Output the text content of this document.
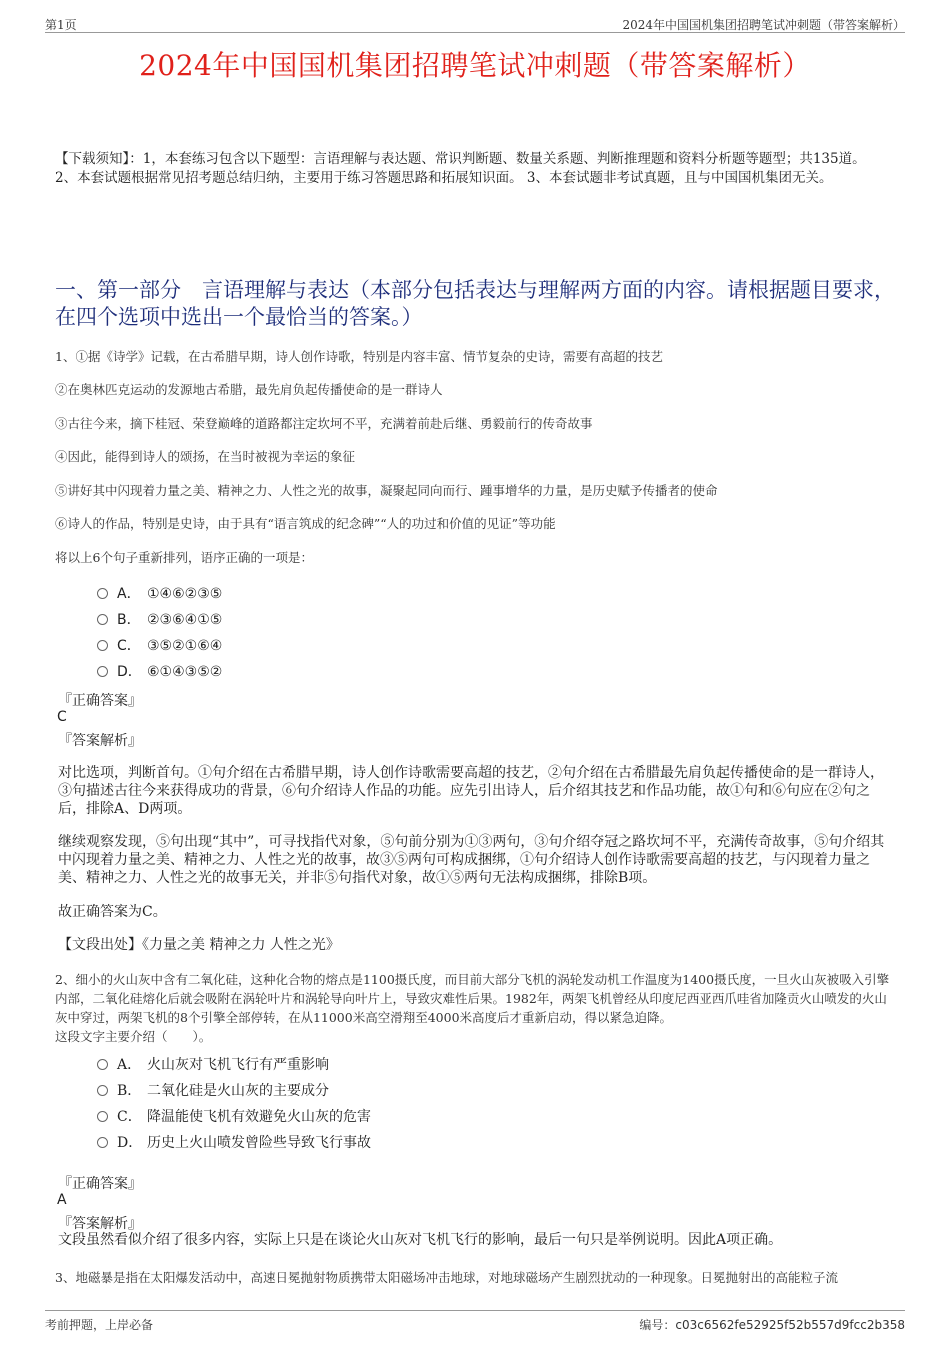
第1页	2024年中国国机集团招聘笔试冲刺题（带答案解析）
2024年中国国机集团招聘笔试冲刺题（带答案解析）
【下载须知】：1，本套练习包含以下题型：言语理解与表达题、常识判断题、数量关系题、判断推理题和资料分析题等题型；共135道。 2、本套试题根据常见招考题总结归纳，主要用于练习答题思路和拓展知识面。 3、本套试题非考试真题，且与中国国机集团无关。
一、第一部分　言语理解与表达（本部分包括表达与理解两方面的内容。请根据题目要求，在四个选项中选出一个最恰当的答案。）
1、①据《诗学》记载，在古希腊早期，诗人创作诗歌，特别是内容丰富、情节复杂的史诗，需要有高超的技艺
②在奥林匹克运动的发源地古希腊，最先肩负起传播使命的是一群诗人
③古往今来，摘下桂冠、荣登巅峰的道路都注定坎坷不平，充满着前赴后继、勇毅前行的传奇故事
④因此，能得到诗人的颂扬，在当时被视为幸运的象征
⑤讲好其中闪现着力量之美、精神之力、人性之光的故事，凝聚起同向而行、踵事增华的力量，是历史赋予传播者的使命
⑥诗人的作品，特别是史诗，由于具有“语言筑成的纪念碑”“人的功过和价值的见证”等功能
将以上6个句子重新排列，语序正确的一项是：
A． ①④⑥②③⑤
B． ②③⑥④①⑤
C． ③⑤②①⑥④
D． ⑥①④③⑤②
『正确答案』
C
『答案解析』
对比选项，判断首句。①句介绍在古希腊早期，诗人创作诗歌需要高超的技艺，②句介绍在古希腊最先肩负起传播使命的是一群诗人，③句描述古往今来获得成功的背景，⑥句介绍诗人作品的功能。应先引出诗人，后介绍其技艺和作品功能，故①句和⑥句应在②句之后，排除A、D两项。
继续观察发现，⑤句出现“其中”，可寻找指代对象，⑤句前分别为①③两句，③句介绍夺冠之路坎坷不平，充满传奇故事，⑤句介绍其中闪现着力量之美、精神之力、人性之光的故事，故③⑤两句可构成捆绑，①句介绍诗人创作诗歌需要高超的技艺，与闪现着力量之美、精神之力、人性之光的故事无关，并非⑤句指代对象，故①⑤两句无法构成捆绑，排除B项。
故正确答案为C。
【文段出处】《力量之美 精神之力 人性之光》
2、细小的火山灰中含有二氧化硅，这种化合物的熔点是1100摄氏度，而目前大部分飞机的涡轮发动机工作温度为1400摄氏度，一旦火山灰被吸入引擎内部，二氧化硅熔化后就会吸附在涡轮叶片和涡轮导向叶片上，导致灾难性后果。1982年，两架飞机曾经从印度尼西亚西爪哇省加隆贡火山喷发的火山灰中穿过，两架飞机的8个引擎全部停转，在从11000米高空滑翔至4000米高度后才重新启动，得以紧急迫降。
这段文字主要介绍（　　）。
A． 火山灰对飞机飞行有严重影响
B． 二氧化硅是火山灰的主要成分
C． 降温能使飞机有效避免火山灰的危害
D． 历史上火山喷发曾险些导致飞行事故
『正确答案』
A
『答案解析』
文段虽然看似介绍了很多内容，实际上只是在谈论火山灰对飞机飞行的影响，最后一句只是举例说明。因此A项正确。
3、地磁暴是指在太阳爆发活动中，高速日冕抛射物质携带太阳磁场冲击地球，对地球磁场产生剧烈扰动的一种现象。日冕抛射出的高能粒子流
考前押题，上岸必备	编号：c03c6562fe52925f52b557d9fcc2b358
